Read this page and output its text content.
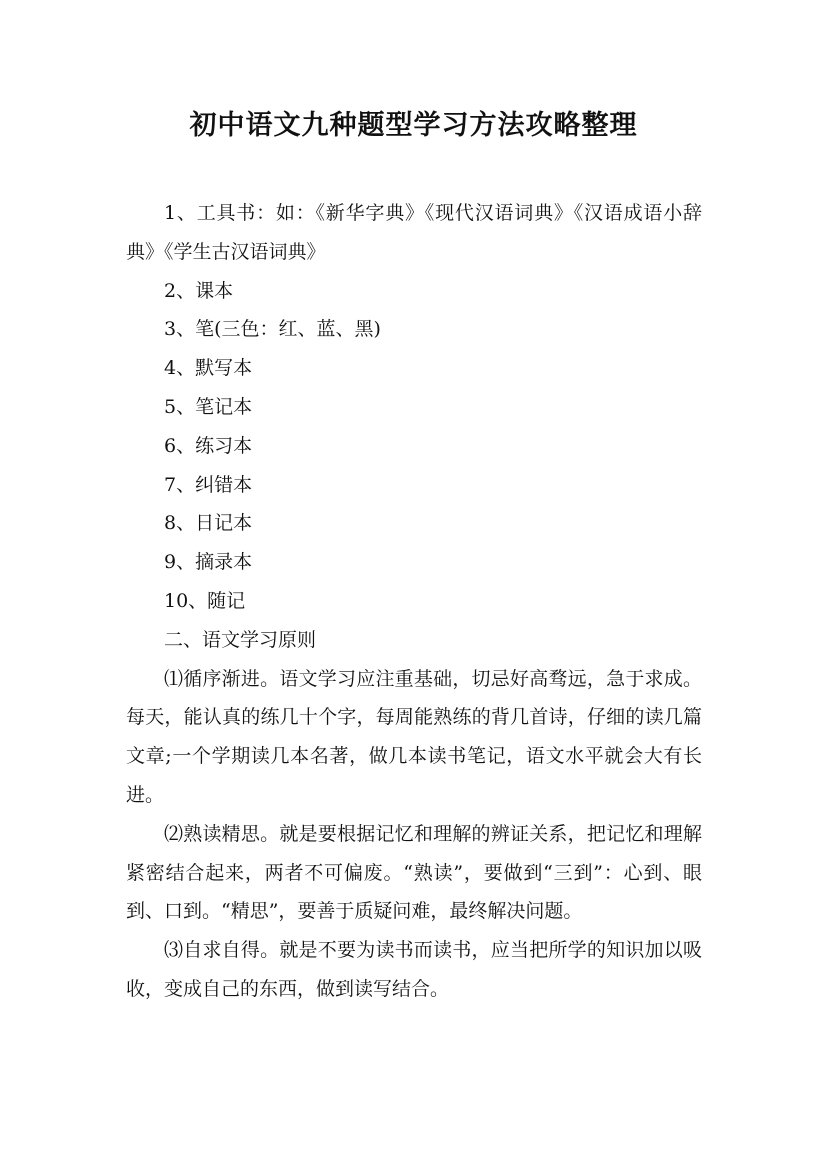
初中语文九种题型学习方法攻略整理

1、工具书：如：《新华字典》《现代汉语词典》《汉语成语小辞典》《学生古汉语词典》

2、课本

3、笔(三色：红、蓝、黑)

4、默写本

5、笔记本

6、练习本

7、纠错本

8、日记本

9、摘录本

10、随记

二、语文学习原则

⑴循序渐进。语文学习应注重基础，切忌好高骛远，急于求成。每天，能认真的练几十个字，每周能熟练的背几首诗，仔细的读几篇文章;一个学期读几本名著，做几本读书笔记，语文水平就会大有长进。

⑵熟读精思。就是要根据记忆和理解的辨证关系，把记忆和理解紧密结合起来，两者不可偏废。“熟读”，要做到“三到”：心到、眼到、口到。“精思”，要善于质疑问难，最终解决问题。

⑶自求自得。就是不要为读书而读书，应当把所学的知识加以吸收，变成自己的东西，做到读写结合。
